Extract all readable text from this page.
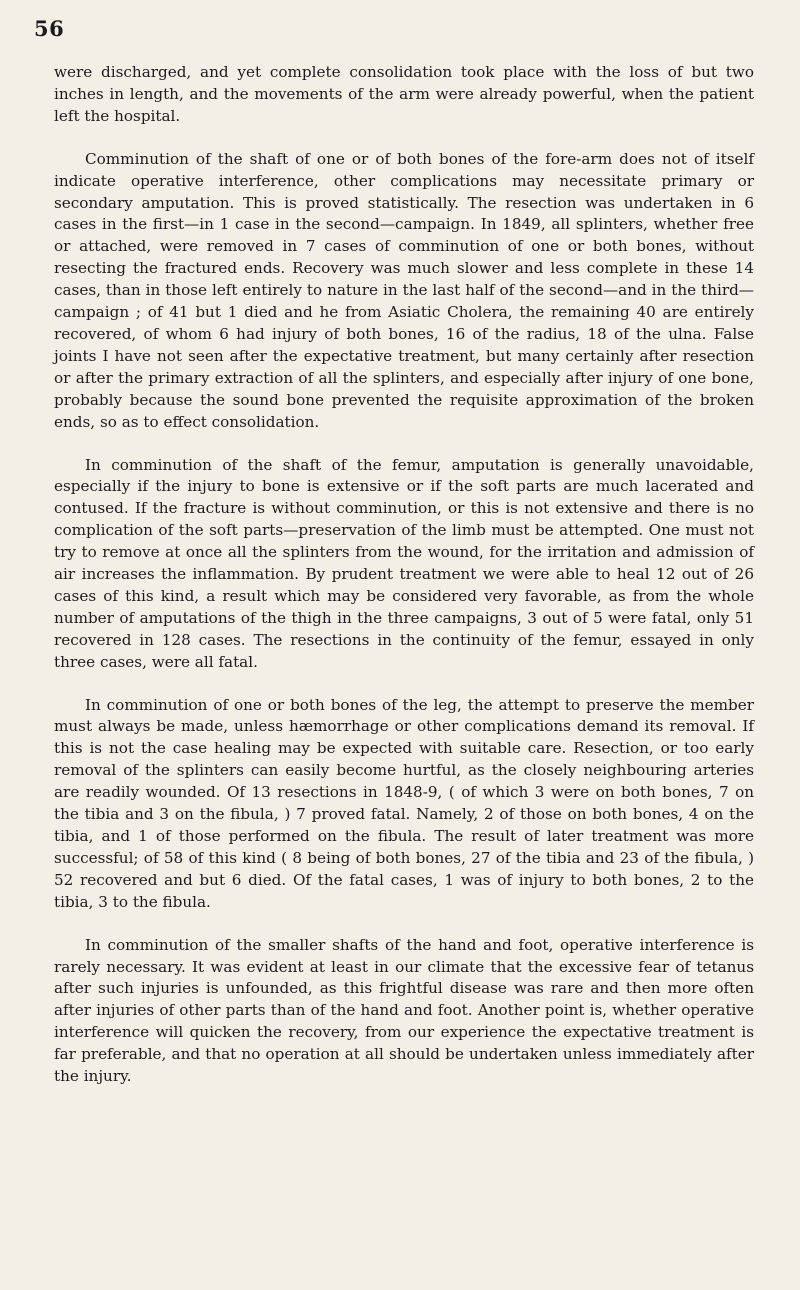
56

were discharged, and yet complete consolidation took place with the loss of but two inches in length, and the movements of the arm were already powerful, when the patient left the hospital.

Comminution of the shaft of one or of both bones of the fore-arm does not of itself indicate operative interference, other complications may necessitate primary or secondary amputation. This is proved statistically. The resection was undertaken in 6 cases in the first—in 1 case in the second—campaign. In 1849, all splinters, whether free or attached, were removed in 7 cases of comminution of one or both bones, without resecting the fractured ends. Recovery was much slower and less complete in these 14 cases, than in those left entirely to nature in the last half of the second—and in the third—campaign ; of 41 but 1 died and he from Asiatic Cholera, the remaining 40 are entirely recovered, of whom 6 had injury of both bones, 16 of the radius, 18 of the ulna. False joints I have not seen after the expectative treatment, but many certainly after resection or after the primary extraction of all the splinters, and especially after injury of one bone, probably because the sound bone prevented the requisite approximation of the broken ends, so as to effect consolidation.

In comminution of the shaft of the femur, amputation is generally unavoidable, especially if the injury to bone is extensive or if the soft parts are much lacerated and contused. If the fracture is without comminution, or this is not extensive and there is no complication of the soft parts—preservation of the limb must be attempted. One must not try to remove at once all the splinters from the wound, for the irritation and admission of air increases the inflammation. By prudent treatment we were able to heal 12 out of 26 cases of this kind, a result which may be considered very favorable, as from the whole number of amputations of the thigh in the three campaigns, 3 out of 5 were fatal, only 51 recovered in 128 cases. The resections in the continuity of the femur, essayed in only three cases, were all fatal.

In comminution of one or both bones of the leg, the attempt to preserve the member must always be made, unless hæmorrhage or other complications demand its removal. If this is not the case healing may be expected with suitable care. Resection, or too early removal of the splinters can easily become hurtful, as the closely neighbouring arteries are readily wounded. Of 13 resections in 1848-9, ( of which 3 were on both bones, 7 on the tibia and 3 on the fibula, ) 7 proved fatal. Namely, 2 of those on both bones, 4 on the tibia, and 1 of those performed on the fibula. The result of later treatment was more successful; of 58 of this kind ( 8 being of both bones, 27 of the tibia and 23 of the fibula, ) 52 recovered and but 6 died. Of the fatal cases, 1 was of injury to both bones, 2 to the tibia, 3 to the fibula.

In comminution of the smaller shafts of the hand and foot, operative interference is rarely necessary. It was evident at least in our climate that the excessive fear of tetanus after such injuries is unfounded, as this frightful disease was rare and then more often after injuries of other parts than of the hand and foot. Another point is, whether operative interference will quicken the recovery, from our experience the expectative treatment is far preferable, and that no operation at all should be undertaken unless immediately after the injury.
